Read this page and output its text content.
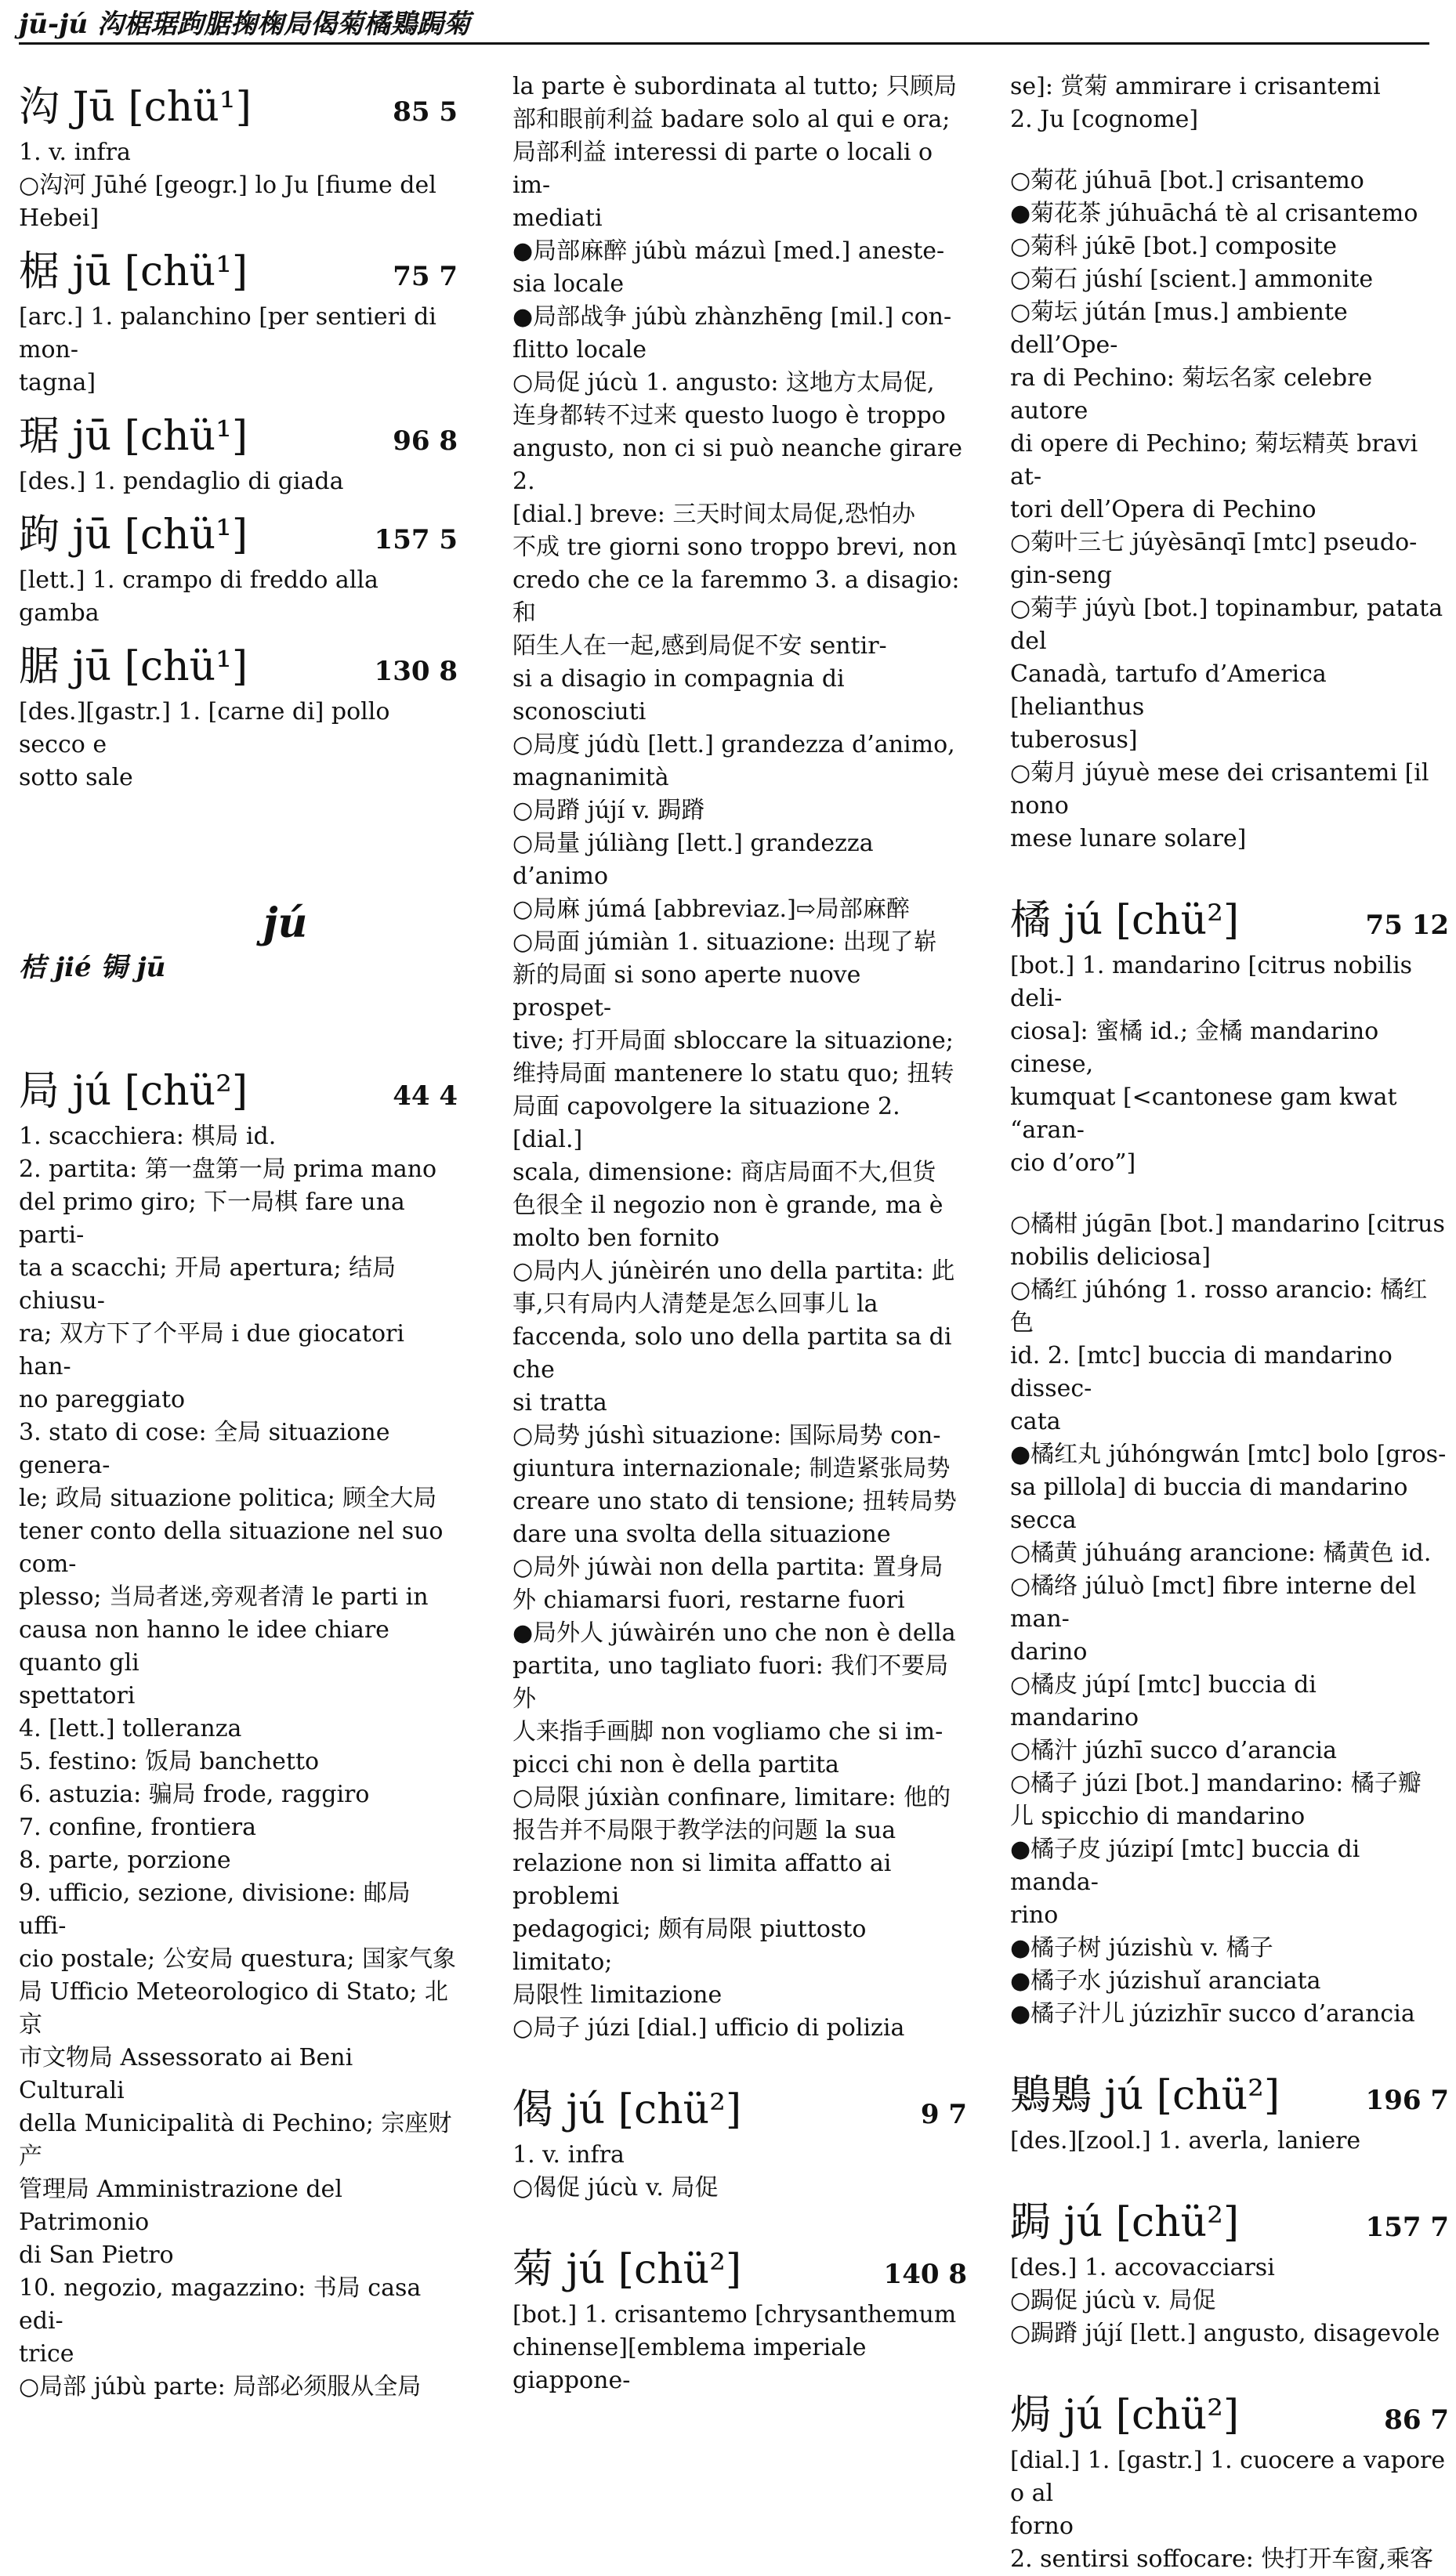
jū-jú 沟椐琚跔腒掬椈局偈菊橘鶪跼菊
沟 Jū [chü¹]	85 5
1. v. infra
○沟河 Jūhé [geogr.] lo Ju [fiume del
Hebei]
椐 jū [chü¹]	75 7
[arc.] 1. palanchino [per sentieri di mon-
tagna]
琚 jū [chü¹]	96 8
[des.] 1. pendaglio di giada
跔 jū [chü¹]	157 5
[lett.] 1. crampo di freddo alla gamba
腒 jū [chü¹]	130 8
[des.][gastr.] 1. [carne di] pollo secco e
sotto sale
jú
桔 jié 锔 jū
局 jú [chü²]	44 4
1. scacchiera: 棋局 id.
2. partita: 第一盘第一局 prima mano
del primo giro; 下一局棋 fare una parti-
ta a scacchi; 开局 apertura; 结局 chiusu-
ra; 双方下了个平局 i due giocatori han-
no pareggiato
3. stato di cose: 全局 situazione genera-
le; 政局 situazione politica; 顾全大局
tener conto della situazione nel suo com-
plesso; 当局者迷,旁观者清 le parti in
causa non hanno le idee chiare quanto gli
spettatori
4. [lett.] tolleranza
5. festino: 饭局 banchetto
6. astuzia: 骗局 frode, raggiro
7. confine, frontiera
8. parte, porzione
9. ufficio, sezione, divisione: 邮局 uffi-
cio postale; 公安局 questura; 国家气象
局 Ufficio Meteorologico di Stato; 北京
市文物局 Assessorato ai Beni Culturali
della Municipalità di Pechino; 宗座财产
管理局 Amministrazione del Patrimonio
di San Pietro
10. negozio, magazzino: 书局 casa edi-
trice
○局部 júbù parte: 局部必须服从全局
la parte è subordinata al tutto; 只顾局
部和眼前利益 badare solo al qui e ora;
局部利益 interessi di parte o locali o im-
mediati
●局部麻醉 júbù mázuì [med.] aneste-
sia locale
●局部战争 júbù zhànzhēng [mil.] con-
flitto locale
○局促 júcù 1. angusto: 这地方太局促,
连身都转不过来 questo luogo è troppo
angusto, non ci si può neanche girare 2.
[dial.] breve: 三天时间太局促,恐怕办
不成 tre giorni sono troppo brevi, non
credo che ce la faremmo 3. a disagio: 和
陌生人在一起,感到局促不安 sentir-
si a disagio in compagnia di sconosciuti
○局度 júdù [lett.] grandezza d’animo,
magnanimità
○局蹐 jújí v. 跼蹐
○局量 júliàng [lett.] grandezza d’animo
○局麻 júmá [abbreviaz.]⇨局部麻醉
○局面 júmiàn 1. situazione: 出现了崭
新的局面 si sono aperte nuove prospet-
tive; 打开局面 sbloccare la situazione;
维持局面 mantenere lo statu quo; 扭转
局面 capovolgere la situazione 2. [dial.]
scala, dimensione: 商店局面不大,但货
色很全 il negozio non è grande, ma è
molto ben fornito
○局内人 júnèirén uno della partita: 此
事,只有局内人清楚是怎么回事儿 la
faccenda, solo uno della partita sa di che
si tratta
○局势 júshì situazione: 国际局势 con-
giuntura internazionale; 制造紧张局势
creare uno stato di tensione; 扭转局势
dare una svolta della situazione
○局外 júwài non della partita: 置身局
外 chiamarsi fuori, restarne fuori
●局外人 júwàirén uno che non è della
partita, uno tagliato fuori: 我们不要局外
人来指手画脚 non vogliamo che si im-
picci chi non è della partita
○局限 júxiàn confinare, limitare: 他的
报告并不局限于教学法的问题 la sua
relazione non si limita affatto ai problemi
pedagogici; 颇有局限 piuttosto limitato;
局限性 limitazione
○局子 júzi [dial.] ufficio di polizia
偈 jú [chü²]	9 7
1. v. infra
○偈促 júcù v. 局促
菊 jú [chü²]	140 8
[bot.] 1. crisantemo [chrysanthemum
chinense][emblema imperiale giappone-
se]: 赏菊 ammirare i crisantemi
2. Ju [cognome]
○菊花 júhuā [bot.] crisantemo
●菊花茶 júhuāchá tè al crisantemo
○菊科 júkē [bot.] composite
○菊石 júshí [scient.] ammonite
○菊坛 jútán [mus.] ambiente dell’Ope-
ra di Pechino: 菊坛名家 celebre autore
di opere di Pechino; 菊坛精英 bravi at-
tori dell’Opera di Pechino
○菊叶三七 júyèsānqī [mtc] pseudo-
gin-seng
○菊芋 júyù [bot.] topinambur, patata del
Canadà, tartufo d’America [helianthus
tuberosus]
○菊月 júyuè mese dei crisantemi [il nono
mese lunare solare]
橘 jú [chü²]	75 12
[bot.] 1. mandarino [citrus nobilis deli-
ciosa]: 蜜橘 id.; 金橘 mandarino cinese,
kumquat [<cantonese gam kwat “aran-
cio d’oro”]
○橘柑 júgān [bot.] mandarino [citrus
nobilis deliciosa]
○橘红 júhóng 1. rosso arancio: 橘红色
id. 2. [mtc] buccia di mandarino dissec-
cata
●橘红丸 júhóngwán [mtc] bolo [gros-
sa pillola] di buccia di mandarino secca
○橘黄 júhuáng arancione: 橘黄色 id.
○橘络 júluò [mct] fibre interne del man-
darino
○橘皮 júpí [mtc] buccia di mandarino
○橘汁 júzhī succo d’arancia
○橘子 júzi [bot.] mandarino: 橘子瓣
儿 spicchio di mandarino
●橘子皮 júzipí [mtc] buccia di manda-
rino
●橘子树 júzishù v. 橘子
●橘子水 júzishuǐ aranciata
●橘子汁儿 júzizhīr succo d’arancia
鶪鶪 jú [chü²]	196 7
[des.][zool.] 1. averla, laniere
跼 jú [chü²]	157 7
[des.] 1. accovacciarsi
○跼促 júcù v. 局促
○跼蹐 jújí [lett.] angusto, disagevole
焗 jú [chü²]	86 7
[dial.] 1. [gastr.] 1. cuocere a vapore o al
forno
2. sentirsi soffocare: 快打开车窗,乘客
